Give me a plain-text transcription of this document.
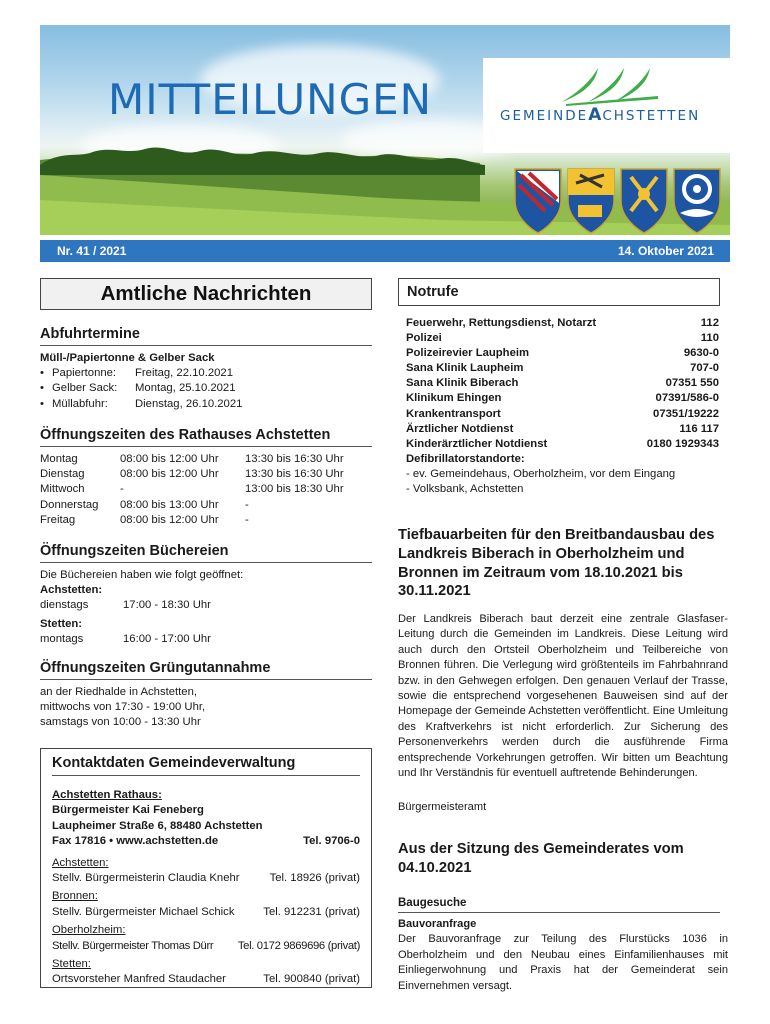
MITTEILUNGEN	GEMEINDEACHSTETTEN
Nr. 41 / 2021	14. Oktober 2021
Amtliche Nachrichten
Abfuhrtermine
Müll-/Papiertonne & Gelber Sack
• Papiertonne:	Freitag, 22.10.2021
• Gelber Sack:	Montag, 25.10.2021
• Müllabfuhr:	Dienstag, 26.10.2021
Öffnungszeiten des Rathauses Achstetten
Montag	08:00 bis 12:00 Uhr	13:30 bis 16:30 Uhr
Dienstag	08:00 bis 12:00 Uhr	13:30 bis 16:30 Uhr
Mittwoch	-	13:00 bis 18:30 Uhr
Donnerstag	08:00 bis 13:00 Uhr	-
Freitag	08:00 bis 12:00 Uhr	-
Öffnungszeiten Büchereien
Die Büchereien haben wie folgt geöffnet:
Achstetten:
dienstags	17:00 - 18:30 Uhr
Stetten:
montags	16:00 - 17:00 Uhr
Öffnungszeiten Grüngutannahme
an der Riedhalde in Achstetten,
mittwochs von 17:30 - 19:00 Uhr,
samstags von 10:00 - 13:30 Uhr
Kontaktdaten Gemeindeverwaltung
Achstetten Rathaus:
Bürgermeister Kai Feneberg
Laupheimer Straße 6, 88480 Achstetten
Fax 17816 • www.achstetten.de	Tel. 9706-0
Achstetten:
Stellv. Bürgermeisterin Claudia Knehr	Tel. 18926 (privat)
Bronnen:
Stellv. Bürgermeister Michael Schick	Tel. 912231 (privat)
Oberholzheim:
Stellv. Bürgermeister Thomas Dürr Tel. 0172 9869696 (privat)
Stetten:
Ortsvorsteher Manfred Staudacher	Tel. 900840 (privat)
Notrufe
Feuerwehr, Rettungsdienst, Notarzt	112
Polizei	110
Polizeirevier Laupheim	9630-0
Sana Klinik Laupheim	707-0
Sana Klinik Biberach	07351 550
Klinikum Ehingen	07391/586-0
Krankentransport	07351/19222
Ärztlicher Notdienst	116 117
Kinderärztlicher Notdienst	0180 1929343
Defibrillatorstandorte:
- ev. Gemeindehaus, Oberholzheim, vor dem Eingang
- Volksbank, Achstetten
Tiefbauarbeiten für den Breitbandausbau des Landkreis Biberach in Oberholzheim und Bronnen im Zeitraum vom 18.10.2021 bis 30.11.2021
Der Landkreis Biberach baut derzeit eine zentrale Glasfaser-Leitung durch die Gemeinden im Landkreis. Diese Leitung wird auch durch den Ortsteil Oberholzheim und Teilbereiche von Bronnen führen. Die Verlegung wird größtenteils im Fahrbahnrand bzw. in den Gehwegen erfolgen. Den genauen Verlauf der Trasse, sowie die entsprechend vorgesehenen Bauweisen sind auf der Homepage der Gemeinde Achstetten veröffentlicht. Eine Umleitung des Kraftverkehrs ist nicht erforderlich. Zur Sicherung des Personenverkehrs werden durch die ausführende Firma entsprechende Vorkehrungen getroffen. Wir bitten um Beachtung und Ihr Verständnis für eventuell auftretende Behinderungen.
Bürgermeisteramt
Aus der Sitzung des Gemeinderates vom 04.10.2021
Baugesuche
Bauvoranfrage
Der Bauvoranfrage zur Teilung des Flurstücks 1036 in Oberholzheim und den Neubau eines Einfamilienhauses mit Einliegerwohnung und Praxis hat der Gemeinderat sein Einvernehmen versagt.
